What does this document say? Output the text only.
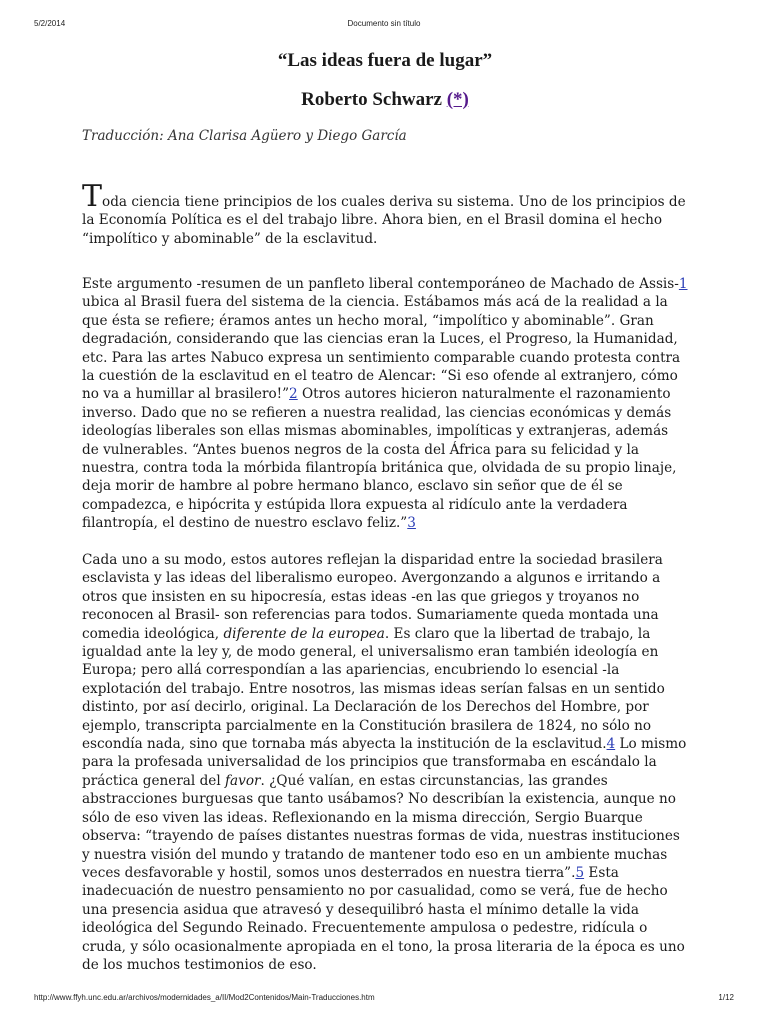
5/2/2014	Documento sin título
“Las ideas fuera de lugar”
Roberto Schwarz (*)

Traducción: Ana Clarisa Agüero y Diego García

Toda ciencia tiene principios de los cuales deriva su sistema. Uno de los principios de la Economía Política es el del trabajo libre. Ahora bien, en el Brasil domina el hecho “impolítico y abominable” de la esclavitud.

Este argumento -resumen de un panfleto liberal contemporáneo de Machado de Assis-1 ubica al Brasil fuera del sistema de la ciencia. Estábamos más acá de la realidad a la que ésta se refiere; éramos antes un hecho moral, “impolítico y abominable”. Gran degradación, considerando que las ciencias eran la Luces, el Progreso, la Humanidad, etc. Para las artes Nabuco expresa un sentimiento comparable cuando protesta contra la cuestión de la esclavitud en el teatro de Alencar: “Si eso ofende al extranjero, cómo no va a humillar al brasilero!”2 Otros autores hicieron naturalmente el razonamiento inverso. Dado que no se refieren a nuestra realidad, las ciencias económicas y demás ideologías liberales son ellas mismas abominables, impolíticas y extranjeras, además de vulnerables. “Antes buenos negros de la costa del África para su felicidad y la nuestra, contra toda la mórbida filantropía británica que, olvidada de su propio linaje, deja morir de hambre al pobre hermano blanco, esclavo sin señor que de él se compadezca, e hipócrita y estúpida llora expuesta al ridículo ante la verdadera filantropía, el destino de nuestro esclavo feliz.”3

Cada uno a su modo, estos autores reflejan la disparidad entre la sociedad brasilera esclavista y las ideas del liberalismo europeo. Avergonzando a algunos e irritando a otros que insisten en su hipocresía, estas ideas -en las que griegos y troyanos no reconocen al Brasil- son referencias para todos. Sumariamente queda montada una comedia ideológica, diferente de la europea. Es claro que la libertad de trabajo, la igualdad ante la ley y, de modo general, el universalismo eran también ideología en Europa; pero allá correspondían a las apariencias, encubriendo lo esencial -la explotación del trabajo. Entre nosotros, las mismas ideas serían falsas en un sentido distinto, por así decirlo, original. La Declaración de los Derechos del Hombre, por ejemplo, transcripta parcialmente en la Constitución brasilera de 1824, no sólo no escondía nada, sino que tornaba más abyecta la institución de la esclavitud.4 Lo mismo para la profesada universalidad de los principios que transformaba en escándalo la práctica general del favor. ¿Qué valían, en estas circunstancias, las grandes abstracciones burguesas que tanto usábamos? No describían la existencia, aunque no sólo de eso viven las ideas. Reflexionando en la misma dirección, Sergio Buarque observa: “trayendo de países distantes nuestras formas de vida, nuestras instituciones y nuestra visión del mundo y tratando de mantener todo eso en un ambiente muchas veces desfavorable y hostil, somos unos desterrados en nuestra tierra”.5 Esta inadecuación de nuestro pensamiento no por casualidad, como se verá, fue de hecho una presencia asidua que atravesó y desequilibró hasta el mínimo detalle la vida ideológica del Segundo Reinado. Frecuentemente ampulosa o pedestre, ridícula o cruda, y sólo ocasionalmente apropiada en el tono, la prosa literaria de la época es uno de los muchos testimonios de eso.

http://www.ffyh.unc.edu.ar/archivos/modernidades_a/II/Mod2Contenidos/Main-Traducciones.htm	1/12
